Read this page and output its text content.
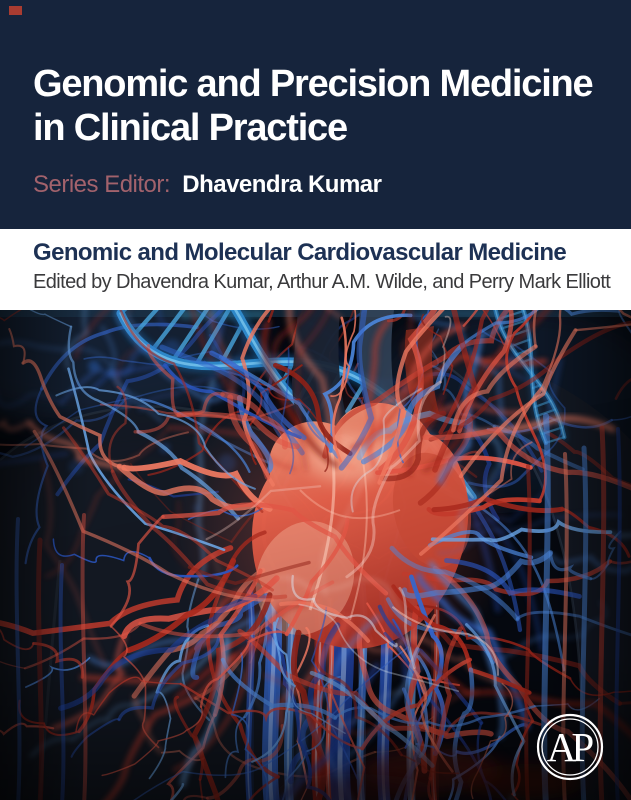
Genomic and Precision Medicine
in Clinical Practice

Series Editor: Dhavendra Kumar

Genomic and Molecular Cardiovascular Medicine

Edited by Dhavendra Kumar, Arthur A.M. Wilde, and Perry Mark Elliott

AP
